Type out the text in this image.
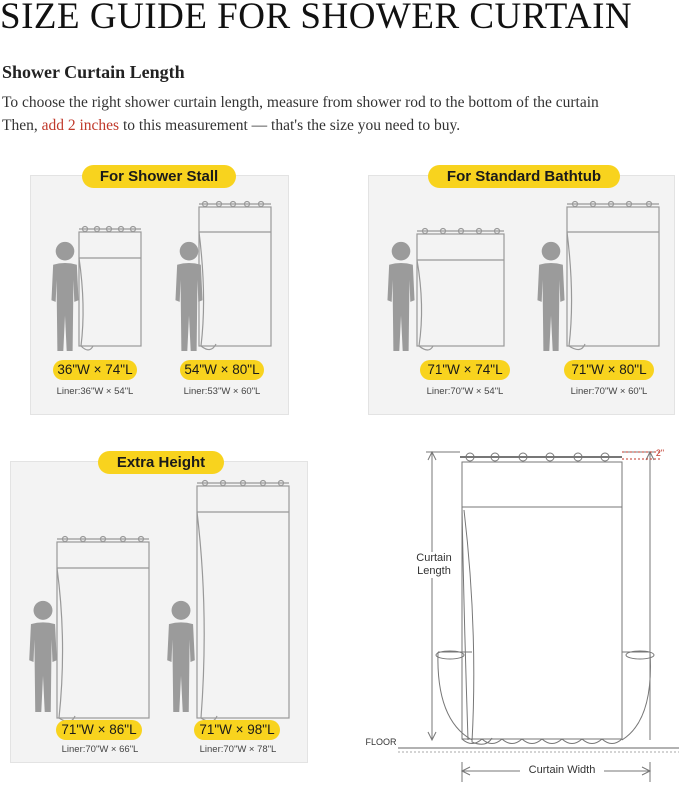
SIZE GUIDE FOR SHOWER CURTAIN
Shower Curtain Length

To choose the right shower curtain length, measure from shower rod to the bottom of the curtain

Then, add 2 inches to this measurement — that's the size you need to buy.

For Shower Stall
36"W × 74"L	54"W × 80"L
Liner:36"W × 54"L	Liner:53"W × 60"L
For Standard Bathtub
71"W × 74"L	71"W × 80"L
Liner:70"W × 54"L	Liner:70"W × 60"L
Extra Height
71"W × 86"L	71"W × 98"L
Liner:70"W × 66"L	Liner:70"W × 78"L
Curtain
Length
Curtain Width
FLOOR
2"
